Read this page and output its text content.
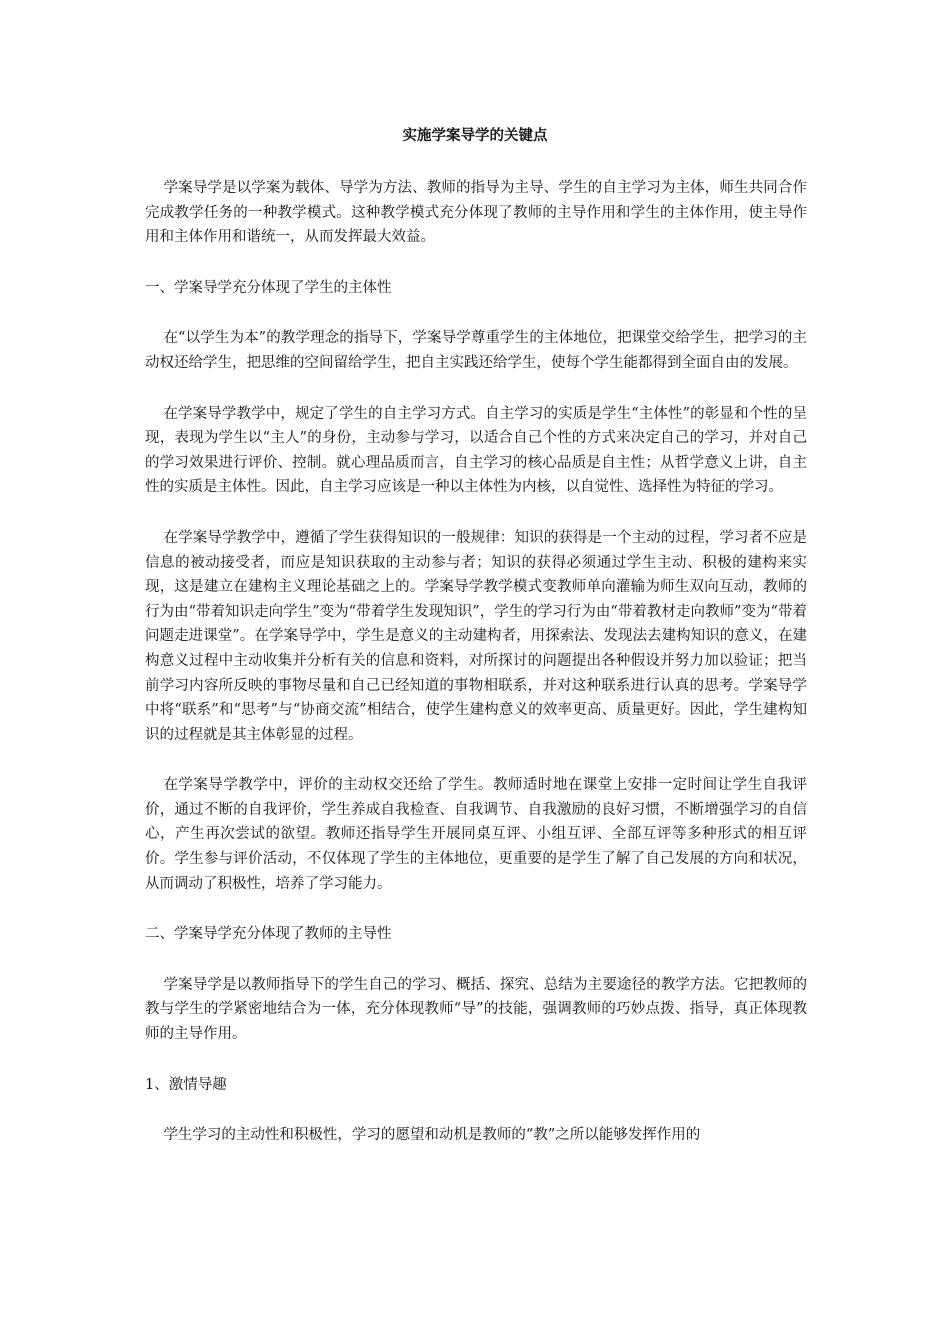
实施学案导学的关键点

学案导学是以学案为载体、导学为方法、教师的指导为主导、学生的自主学习为主体，师生共同合作完成教学任务的一种教学模式。这种教学模式充分体现了教师的主导作用和学生的主体作用，使主导作用和主体作用和谐统一，从而发挥最大效益。

一、学案导学充分体现了学生的主体性

在“以学生为本”的教学理念的指导下，学案导学尊重学生的主体地位，把课堂交给学生，把学习的主动权还给学生，把思维的空间留给学生，把自主实践还给学生，使每个学生能都得到全面自由的发展。

在学案导学教学中，规定了学生的自主学习方式。自主学习的实质是学生“主体性”的彰显和个性的呈现，表现为学生以“主人”的身份，主动参与学习，以适合自己个性的方式来决定自己的学习，并对自己的学习效果进行评价、控制。就心理品质而言，自主学习的核心品质是自主性；从哲学意义上讲，自主性的实质是主体性。因此，自主学习应该是一种以主体性为内核，以自觉性、选择性为特征的学习。

在学案导学教学中，遵循了学生获得知识的一般规律：知识的获得是一个主动的过程，学习者不应是信息的被动接受者，而应是知识获取的主动参与者；知识的获得必须通过学生主动、积极的建构来实现，这是建立在建构主义理论基础之上的。学案导学教学模式变教师单向灌输为师生双向互动，教师的行为由“带着知识走向学生”变为“带着学生发现知识”，学生的学习行为由“带着教材走向教师”变为“带着问题走进课堂”。在学案导学中，学生是意义的主动建构者，用探索法、发现法去建构知识的意义，在建构意义过程中主动收集并分析有关的信息和资料，对所探讨的问题提出各种假设并努力加以验证；把当前学习内容所反映的事物尽量和自己已经知道的事物相联系，并对这种联系进行认真的思考。学案导学中将“联系”和“思考”与“协商交流”相结合，使学生建构意义的效率更高、质量更好。因此，学生建构知识的过程就是其主体彰显的过程。

在学案导学教学中，评价的主动权交还给了学生。教师适时地在课堂上安排一定时间让学生自我评价，通过不断的自我评价，学生养成自我检查、自我调节、自我激励的良好习惯，不断增强学习的自信心，产生再次尝试的欲望。教师还指导学生开展同桌互评、小组互评、全部互评等多种形式的相互评价。学生参与评价活动，不仅体现了学生的主体地位，更重要的是学生了解了自己发展的方向和状况，从而调动了积极性，培养了学习能力。

二、学案导学充分体现了教师的主导性

学案导学是以教师指导下的学生自己的学习、概括、探究、总结为主要途径的教学方法。它把教师的教与学生的学紧密地结合为一体，充分体现教师“导”的技能，强调教师的巧妙点拨、指导，真正体现教师的主导作用。

1、激情导趣

学生学习的主动性和积极性，学习的愿望和动机是教师的“教”之所以能够发挥作用的
